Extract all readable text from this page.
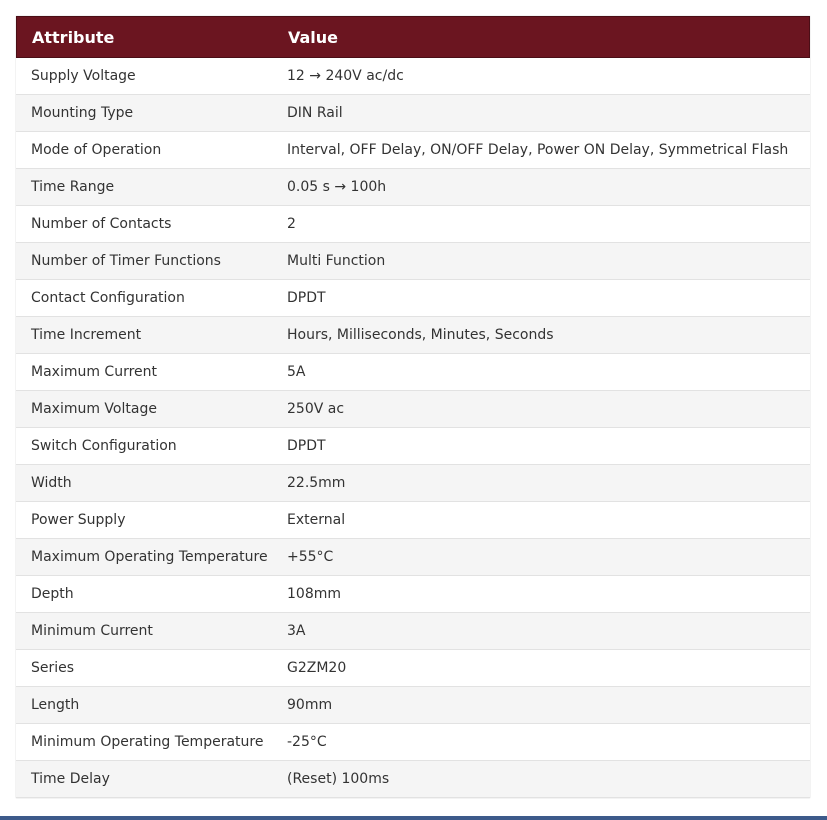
Attribute	Value
Supply Voltage	12 → 240V ac/dc
Mounting Type	DIN Rail
Mode of Operation	Interval, OFF Delay, ON/OFF Delay, Power ON Delay, Symmetrical Flash
Time Range	0.05 s → 100h
Number of Contacts	2
Number of Timer Functions	Multi Function
Contact Configuration	DPDT
Time Increment	Hours, Milliseconds, Minutes, Seconds
Maximum Current	5A
Maximum Voltage	250V ac
Switch Configuration	DPDT
Width	22.5mm
Power Supply	External
Maximum Operating Temperature	+55°C
Depth	108mm
Minimum Current	3A
Series	G2ZM20
Length	90mm
Minimum Operating Temperature	-25°C
Time Delay	(Reset) 100ms
